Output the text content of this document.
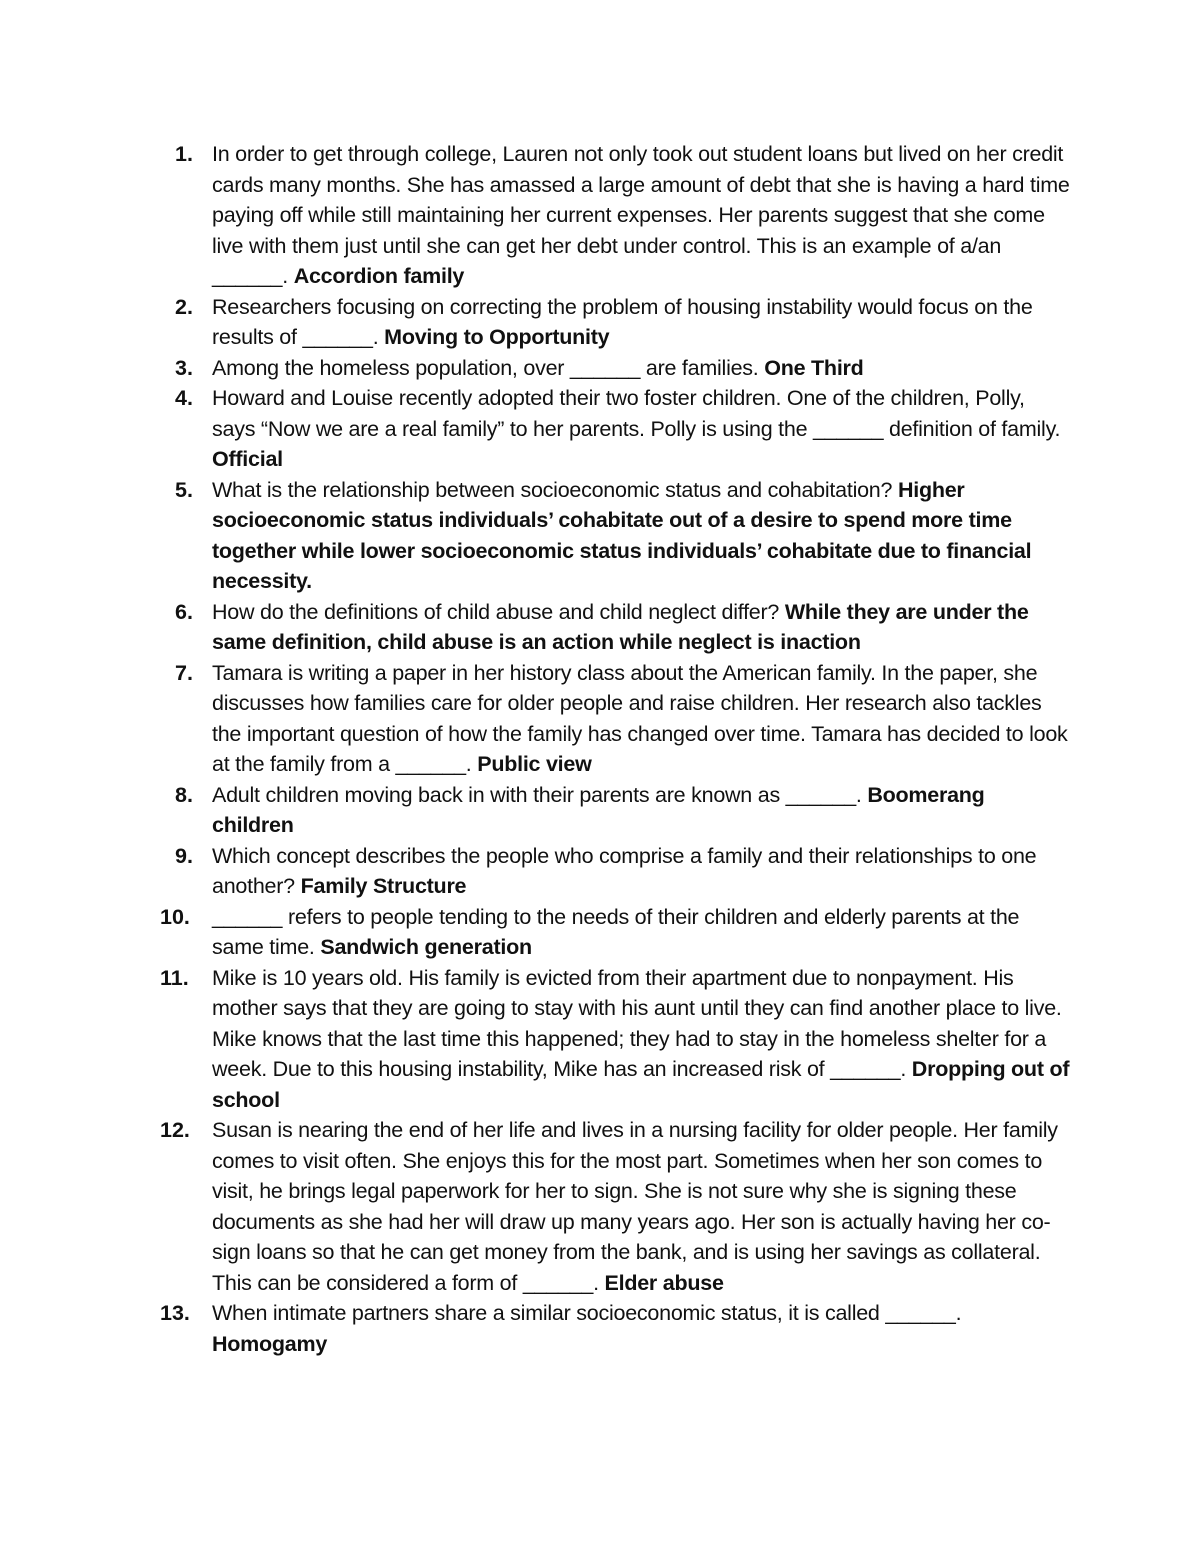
1. In order to get through college, Lauren not only took out student loans but lived on her credit cards many months. She has amassed a large amount of debt that she is having a hard time paying off while still maintaining her current expenses. Her parents suggest that she come live with them just until she can get her debt under control. This is an example of a/an ______. Accordion family
2. Researchers focusing on correcting the problem of housing instability would focus on the results of ______. Moving to Opportunity
3. Among the homeless population, over ______ are families. One Third
4. Howard and Louise recently adopted their two foster children. One of the children, Polly, says “Now we are a real family” to her parents. Polly is using the ______ definition of family. Official
5. What is the relationship between socioeconomic status and cohabitation? Higher socioeconomic status individuals’ cohabitate out of a desire to spend more time together while lower socioeconomic status individuals’ cohabitate due to financial necessity.
6. How do the definitions of child abuse and child neglect differ? While they are under the same definition, child abuse is an action while neglect is inaction
7. Tamara is writing a paper in her history class about the American family. In the paper, she discusses how families care for older people and raise children. Her research also tackles the important question of how the family has changed over time. Tamara has decided to look at the family from a ______. Public view
8. Adult children moving back in with their parents are known as ______. Boomerang children
9. Which concept describes the people who comprise a family and their relationships to one another? Family Structure
10. ______ refers to people tending to the needs of their children and elderly parents at the same time. Sandwich generation
11. Mike is 10 years old. His family is evicted from their apartment due to nonpayment. His mother says that they are going to stay with his aunt until they can find another place to live. Mike knows that the last time this happened; they had to stay in the homeless shelter for a week. Due to this housing instability, Mike has an increased risk of ______. Dropping out of school
12. Susan is nearing the end of her life and lives in a nursing facility for older people. Her family comes to visit often. She enjoys this for the most part. Sometimes when her son comes to visit, he brings legal paperwork for her to sign. She is not sure why she is signing these documents as she had her will draw up many years ago. Her son is actually having her co-sign loans so that he can get money from the bank, and is using her savings as collateral. This can be considered a form of ______. Elder abuse
13. When intimate partners share a similar socioeconomic status, it is called ______. Homogamy
